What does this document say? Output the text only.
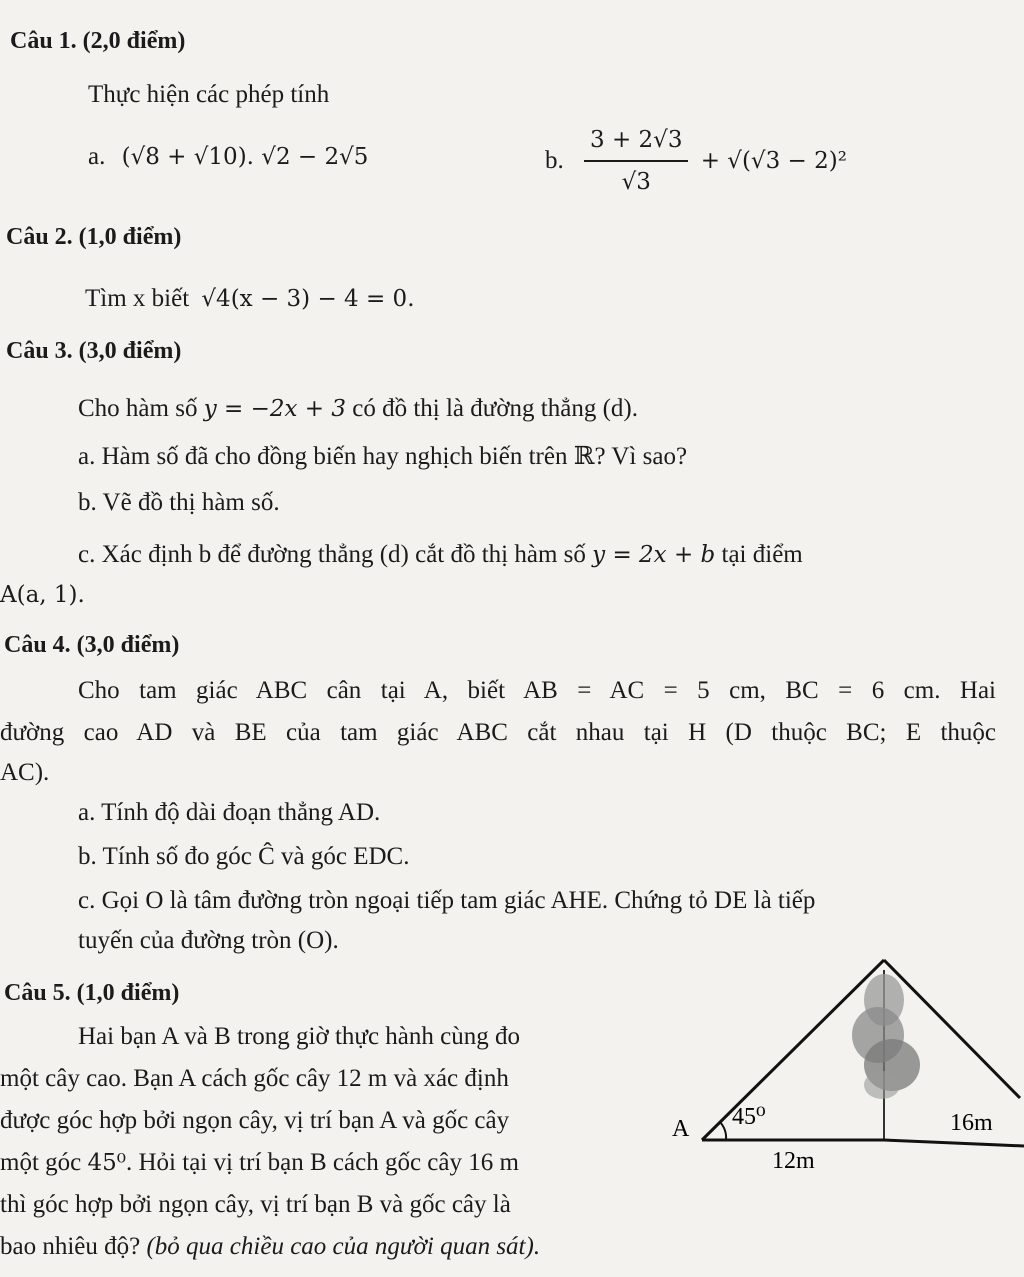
Câu 1. (2,0 điểm)
Thực hiện các phép tính
a. (√8 + √10). √2 − 2√5	b. $\frac{3 + 2√3}{√3} + √(√3 - 2)^2$
Câu 2. (1,0 điểm)
Tìm x biết √4(x − 3) − 4 = 0.
Câu 3. (3,0 điểm)
Cho hàm số y = −2x + 3 có đồ thị là đường thẳng (d).
a. Hàm số đã cho đồng biến hay nghịch biến trên ℝ? Vì sao?
b. Vẽ đồ thị hàm số.
c. Xác định b để đường thẳng (d) cắt đồ thị hàm số y = 2x + b tại điểm
A(a, 1).
Câu 4. (3,0 điểm)
Cho tam giác ABC cân tại A, biết AB = AC = 5 cm, BC = 6 cm. Hai
đường cao AD và BE của tam giác ABC cắt nhau tại H (D thuộc BC; E thuộc
AC).
a. Tính độ dài đoạn thẳng AD.
b. Tính số đo góc Ĉ và góc EDC.
c. Gọi O là tâm đường tròn ngoại tiếp tam giác AHE. Chứng tỏ DE là tiếp
tuyến của đường tròn (O).
Câu 5. (1,0 điểm)
Hai bạn A và B trong giờ thực hành cùng đo
một cây cao. Bạn A cách gốc cây 12 m và xác định
được góc hợp bởi ngọn cây, vị trí bạn A và gốc cây
một góc 45⁰. Hỏi tại vị trí bạn B cách gốc cây 16 m
thì góc hợp bởi ngọn cây, vị trí bạn B và gốc cây là
bao nhiêu độ? (bỏ qua chiều cao của người quan sát).
A 45⁰
12m
16m
